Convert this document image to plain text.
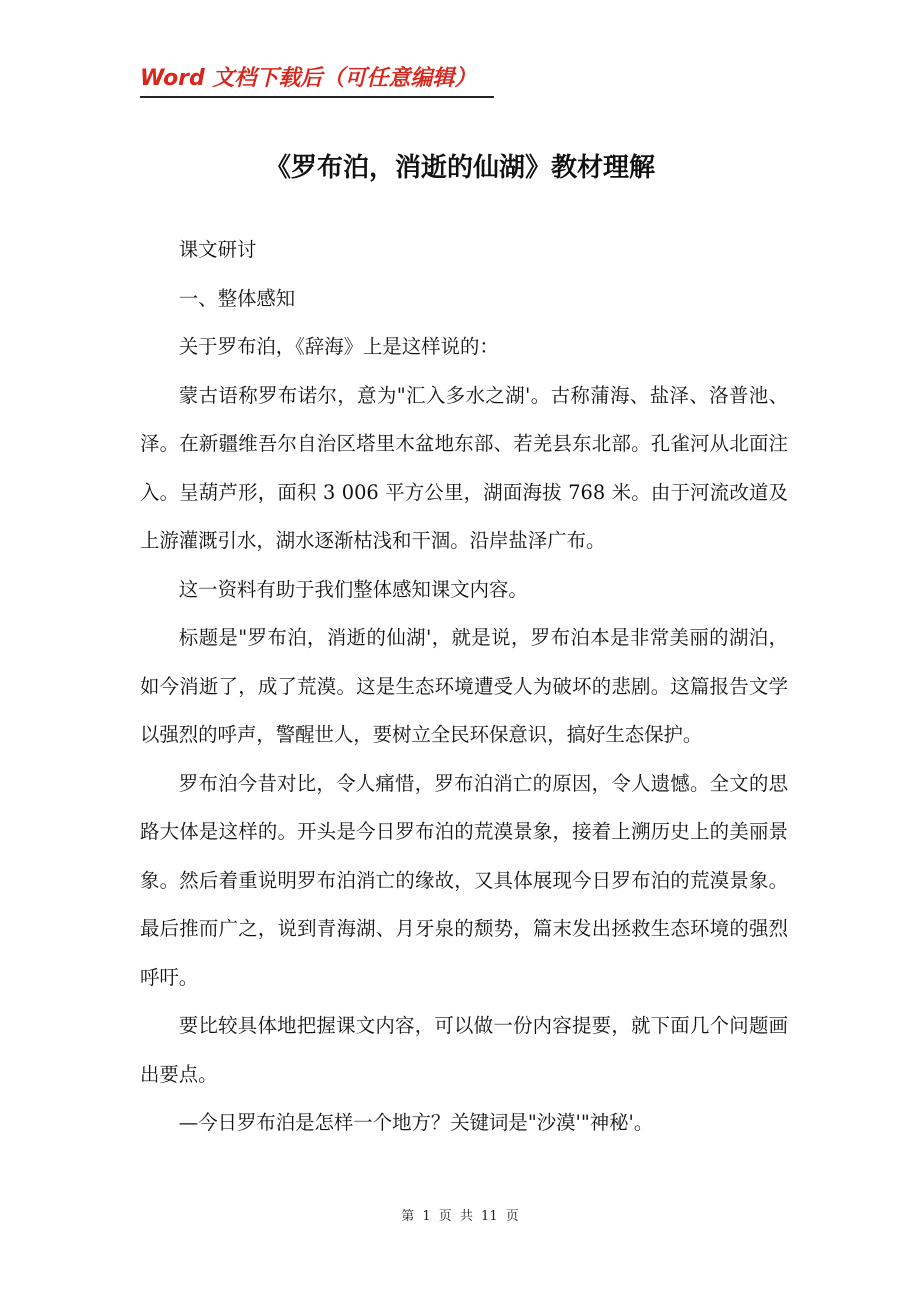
Word 文档下载后（可任意编辑）
《罗布泊，消逝的仙湖》教材理解

课文研讨

一、整体感知

关于罗布泊，《辞海》上是这样说的：

蒙古语称罗布诺尔，意为"汇入多水之湖'。古称蒲海、盐泽、洛普池、泽。在新疆维吾尔自治区塔里木盆地东部、若羌县东北部。孔雀河从北面注入。呈葫芦形，面积 3 006 平方公里，湖面海拔 768 米。由于河流改道及上游灌溉引水，湖水逐渐枯浅和干涸。沿岸盐泽广布。

这一资料有助于我们整体感知课文内容。

标题是"罗布泊，消逝的仙湖'，就是说，罗布泊本是非常美丽的湖泊，如今消逝了，成了荒漠。这是生态环境遭受人为破坏的悲剧。这篇报告文学以强烈的呼声，警醒世人，要树立全民环保意识，搞好生态保护。

罗布泊今昔对比，令人痛惜，罗布泊消亡的原因，令人遗憾。全文的思路大体是这样的。开头是今日罗布泊的荒漠景象，接着上溯历史上的美丽景象。然后着重说明罗布泊消亡的缘故，又具体展现今日罗布泊的荒漠景象。最后推而广之，说到青海湖、月牙泉的颓势，篇末发出拯救生态环境的强烈呼吁。

要比较具体地把握课文内容，可以做一份内容提要，就下面几个问题画出要点。

—今日罗布泊是怎样一个地方？关键词是"沙漠'"神秘'。

第 1 页 共 11 页
